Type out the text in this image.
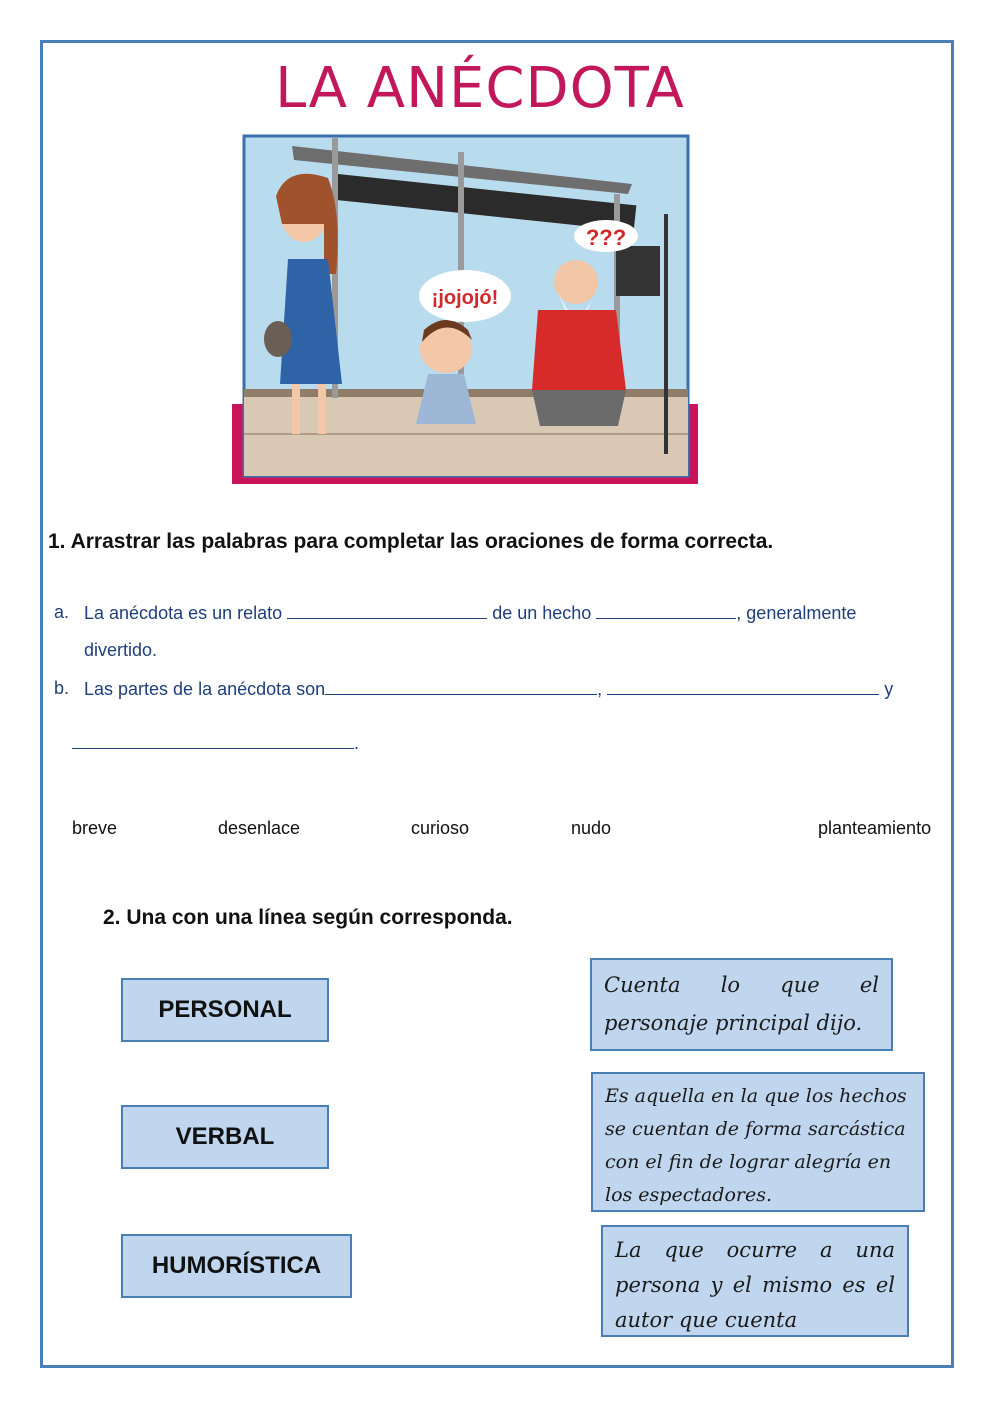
LA ANÉCDOTA
¡jojojó!
???
1. Arrastrar las palabras para completar las oraciones de forma correcta.
a. La anécdota es un relato	de un hecho	, generalmente
divertido.
b. Las partes de la anécdota son	,	y
.
breve	desenlace	curioso	nudo	planteamiento
2. Una con una línea según corresponda.
PERSONAL
VERBAL
HUMORÍSTICA
Cuenta lo que el personaje principal dijo.
Es aquella en la que los hechos se cuentan de forma sarcástica con el fin de lograr alegría en los espectadores.
La que ocurre a una persona y el mismo es el autor que cuenta
